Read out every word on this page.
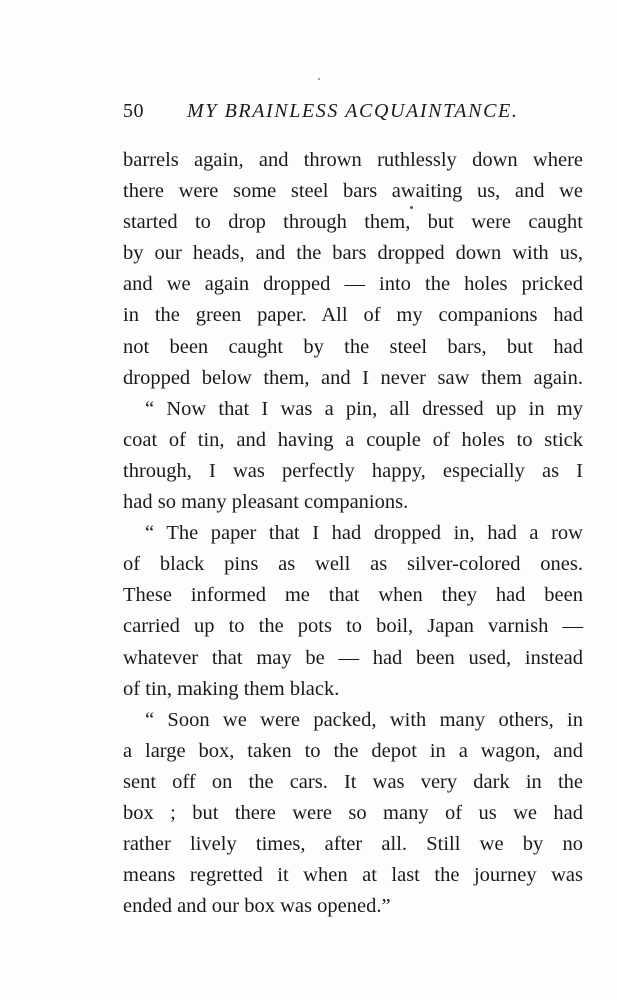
50 MY BRAINLESS ACQUAINTANCE.
barrels again, and thrown ruthlessly down where
there were some steel bars awaiting us, and we
started to drop through them, but were caught
by our heads, and the bars dropped down with us,
and we again dropped — into the holes pricked
in the green paper. All of my companions had
not been caught by the steel bars, but had
dropped below them, and I never saw them again.
“ Now that I was a pin, all dressed up in my
coat of tin, and having a couple of holes to stick
through, I was perfectly happy, especially as I
had so many pleasant companions.
“ The paper that I had dropped in, had a row
of black pins as well as silver-colored ones.
These informed me that when they had been
carried up to the pots to boil, Japan varnish —
whatever that may be — had been used, instead
of tin, making them black.
“ Soon we were packed, with many others, in
a large box, taken to the depot in a wagon, and
sent off on the cars. It was very dark in the
box ; but there were so many of us we had
rather lively times, after all. Still we by no
means regretted it when at last the journey was
ended and our box was opened.”
